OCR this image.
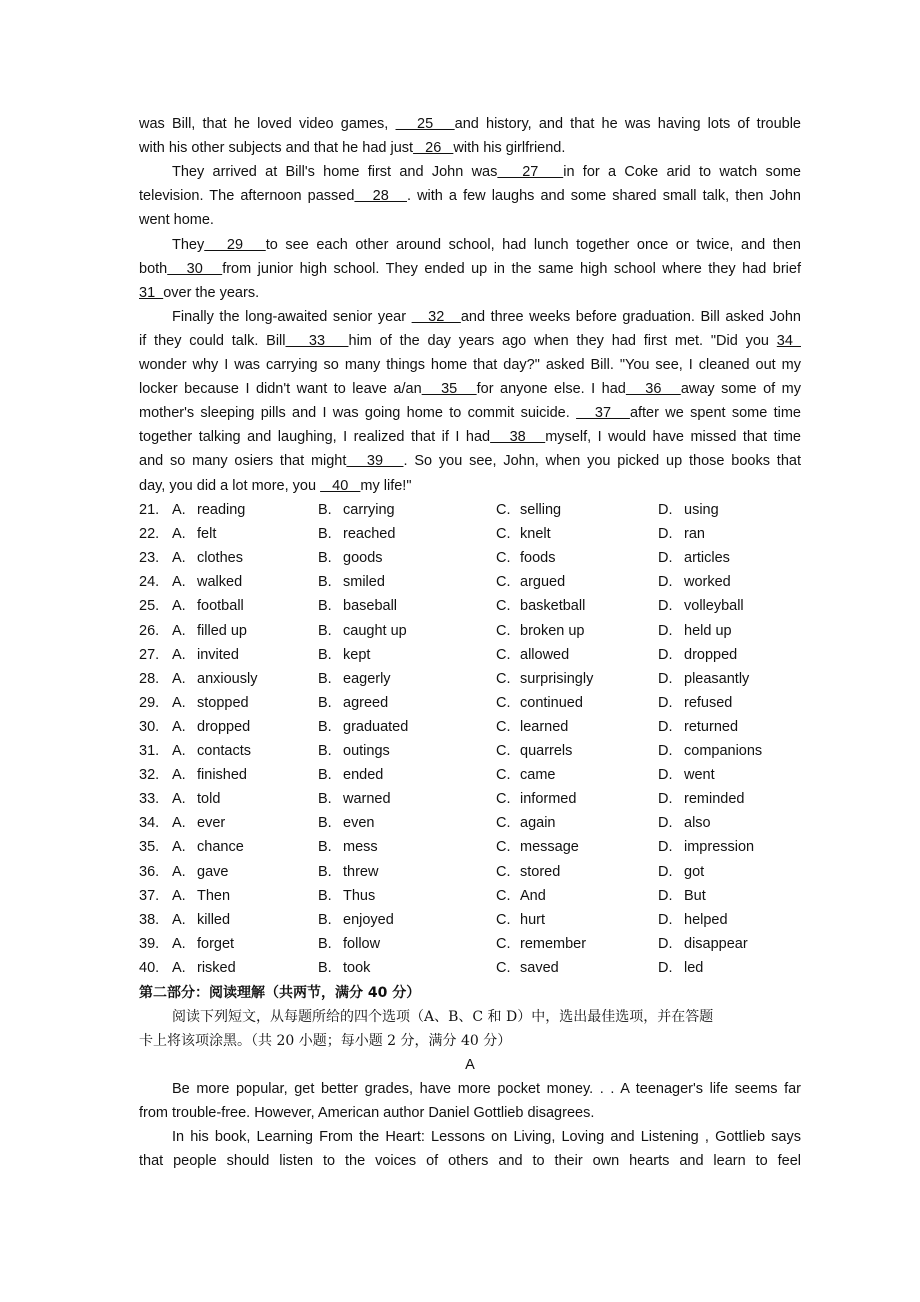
was Bill, that he loved video games,    25   and history, and that he was having lots of trouble
with his other subjects and that he had just   26   with his girlfriend.
They arrived at Bill's home first and John was   27   in for a Coke arid to watch some
television. The afternoon passed   28   . with a few laughs and some shared small talk, then John
went home.
They   29   to see each other around school, had lunch together once or twice, and then
both   30   from junior high school. They ended up in the same high school where they had brief
31  over the years.
Finally the long-awaited senior year    32   and three weeks before graduation. Bill asked John
if they could talk. Bill   33   him of the day years ago when they had first met. "Did you 34
wonder why I was carrying so many things home that day?" asked Bill. "You see, I cleaned out my
locker because I didn't want to leave a/an   35   for anyone else. I had   36   away some of my
mother's sleeping pills and I was going home to commit suicide.    37   after we spent some time
together talking and laughing, I realized that if I had   38   myself, I would have missed that time
and so many osiers that might   39   . So you see, John, when you picked up those books that
day, you did a lot more, you    40   my life!"
21. A. reading	B. carrying	C. selling	D. using
22. A. felt	B. reached	C. knelt	D. ran
23. A. clothes	B. goods	C. foods	D. articles
24. A. walked	B. smiled	C. argued	D. worked
25. A. football	B. baseball	C. basketball	D. volleyball
26. A. filled up	B. caught up	C. broken up	D. held up
27. A. invited	B. kept	C. allowed	D. dropped
28. A. anxiously	B. eagerly	C. surprisingly	D. pleasantly
29. A. stopped	B. agreed	C. continued	D. refused
30. A. dropped	B. graduated	C. learned	D. returned
31. A. contacts	B. outings	C. quarrels	D. companions
32. A. finished	B. ended	C. came	D. went
33. A. told	B. warned	C. informed	D. reminded
34. A. ever	B. even	C. again	D. also
35. A. chance	B. mess	C. message	D. impression
36. A. gave	B. threw	C. stored	D. got
37. A. Then	B. Thus	C. And	D. But
38. A. killed	B. enjoyed	C. hurt	D. helped
39. A. forget	B. follow	C. remember	D. disappear
40. A. risked	B. took	C. saved	D. led
第二部分：阅读理解（共两节，满分 40 分）
阅读下列短文，从每题所给的四个选项（A、B、C 和 D）中，选出最佳选项，并在答题
卡上将该项涂黑。（共 20 小题；每小题 2 分，满分 40 分）
A
Be more popular, get better grades, have more pocket money. . . A teenager's life seems far
from trouble-free. However, American author Daniel Gottlieb disagrees.
In his book, Learning From the Heart: Lessons on Living, Loving and Listening , Gottlieb says
that people should listen to the voices of others and to their own hearts and learn to feel
